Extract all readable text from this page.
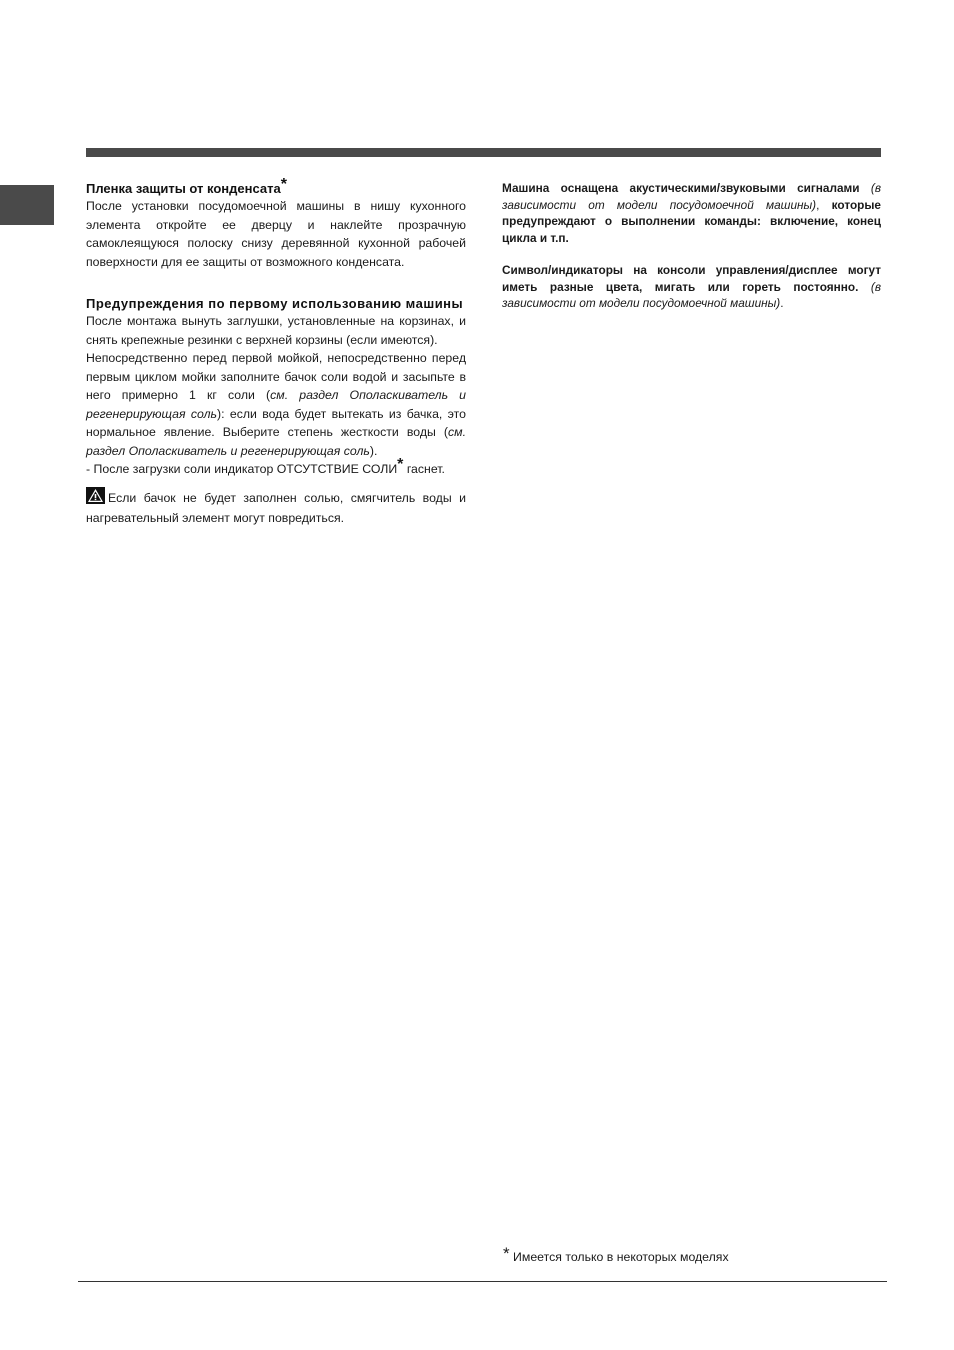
Пленка защиты от конденсата*

После установки посудомоечной машины в нишу кухонного элемента откройте ее дверцу и наклейте прозрачную самоклеящуюся полоску снизу деревянной кухонной рабочей поверхности для ее защиты от возможного конденсата.

Предупреждения по первому использованию машины

После монтажа вынуть заглушки, установленные на корзинах, и снять крепежные резинки с верхней корзины (если имеются).

Непосредственно перед первой мойкой, непосредственно перед первым циклом мойки заполните бачок соли водой и засыпьте в него примерно 1 кг соли (см. раздел Ополаскиватель и регенерирующая соль): если вода будет вытекать из бачка, это нормальное явление. Выберите степень жесткости воды (см. раздел Ополаскиватель и регенерирующая соль).

- После загрузки соли индикатор ОТСУТСТВИЕ СОЛИ* гаснет.

Если бачок не будет заполнен солью, смягчитель воды и нагревательный элемент могут повредиться.

Машина оснащена акустическими/звуковыми сигналами (в зависимости от модели посудомоечной машины), которые предупреждают о выполнении команды: включение, конец цикла и т.п.

Символ/индикаторы на консоли управления/дисплее могут иметь разные цвета, мигать или гореть постоянно. (в зависимости от модели посудомоечной машины).

* Имеется только в некоторых моделях
